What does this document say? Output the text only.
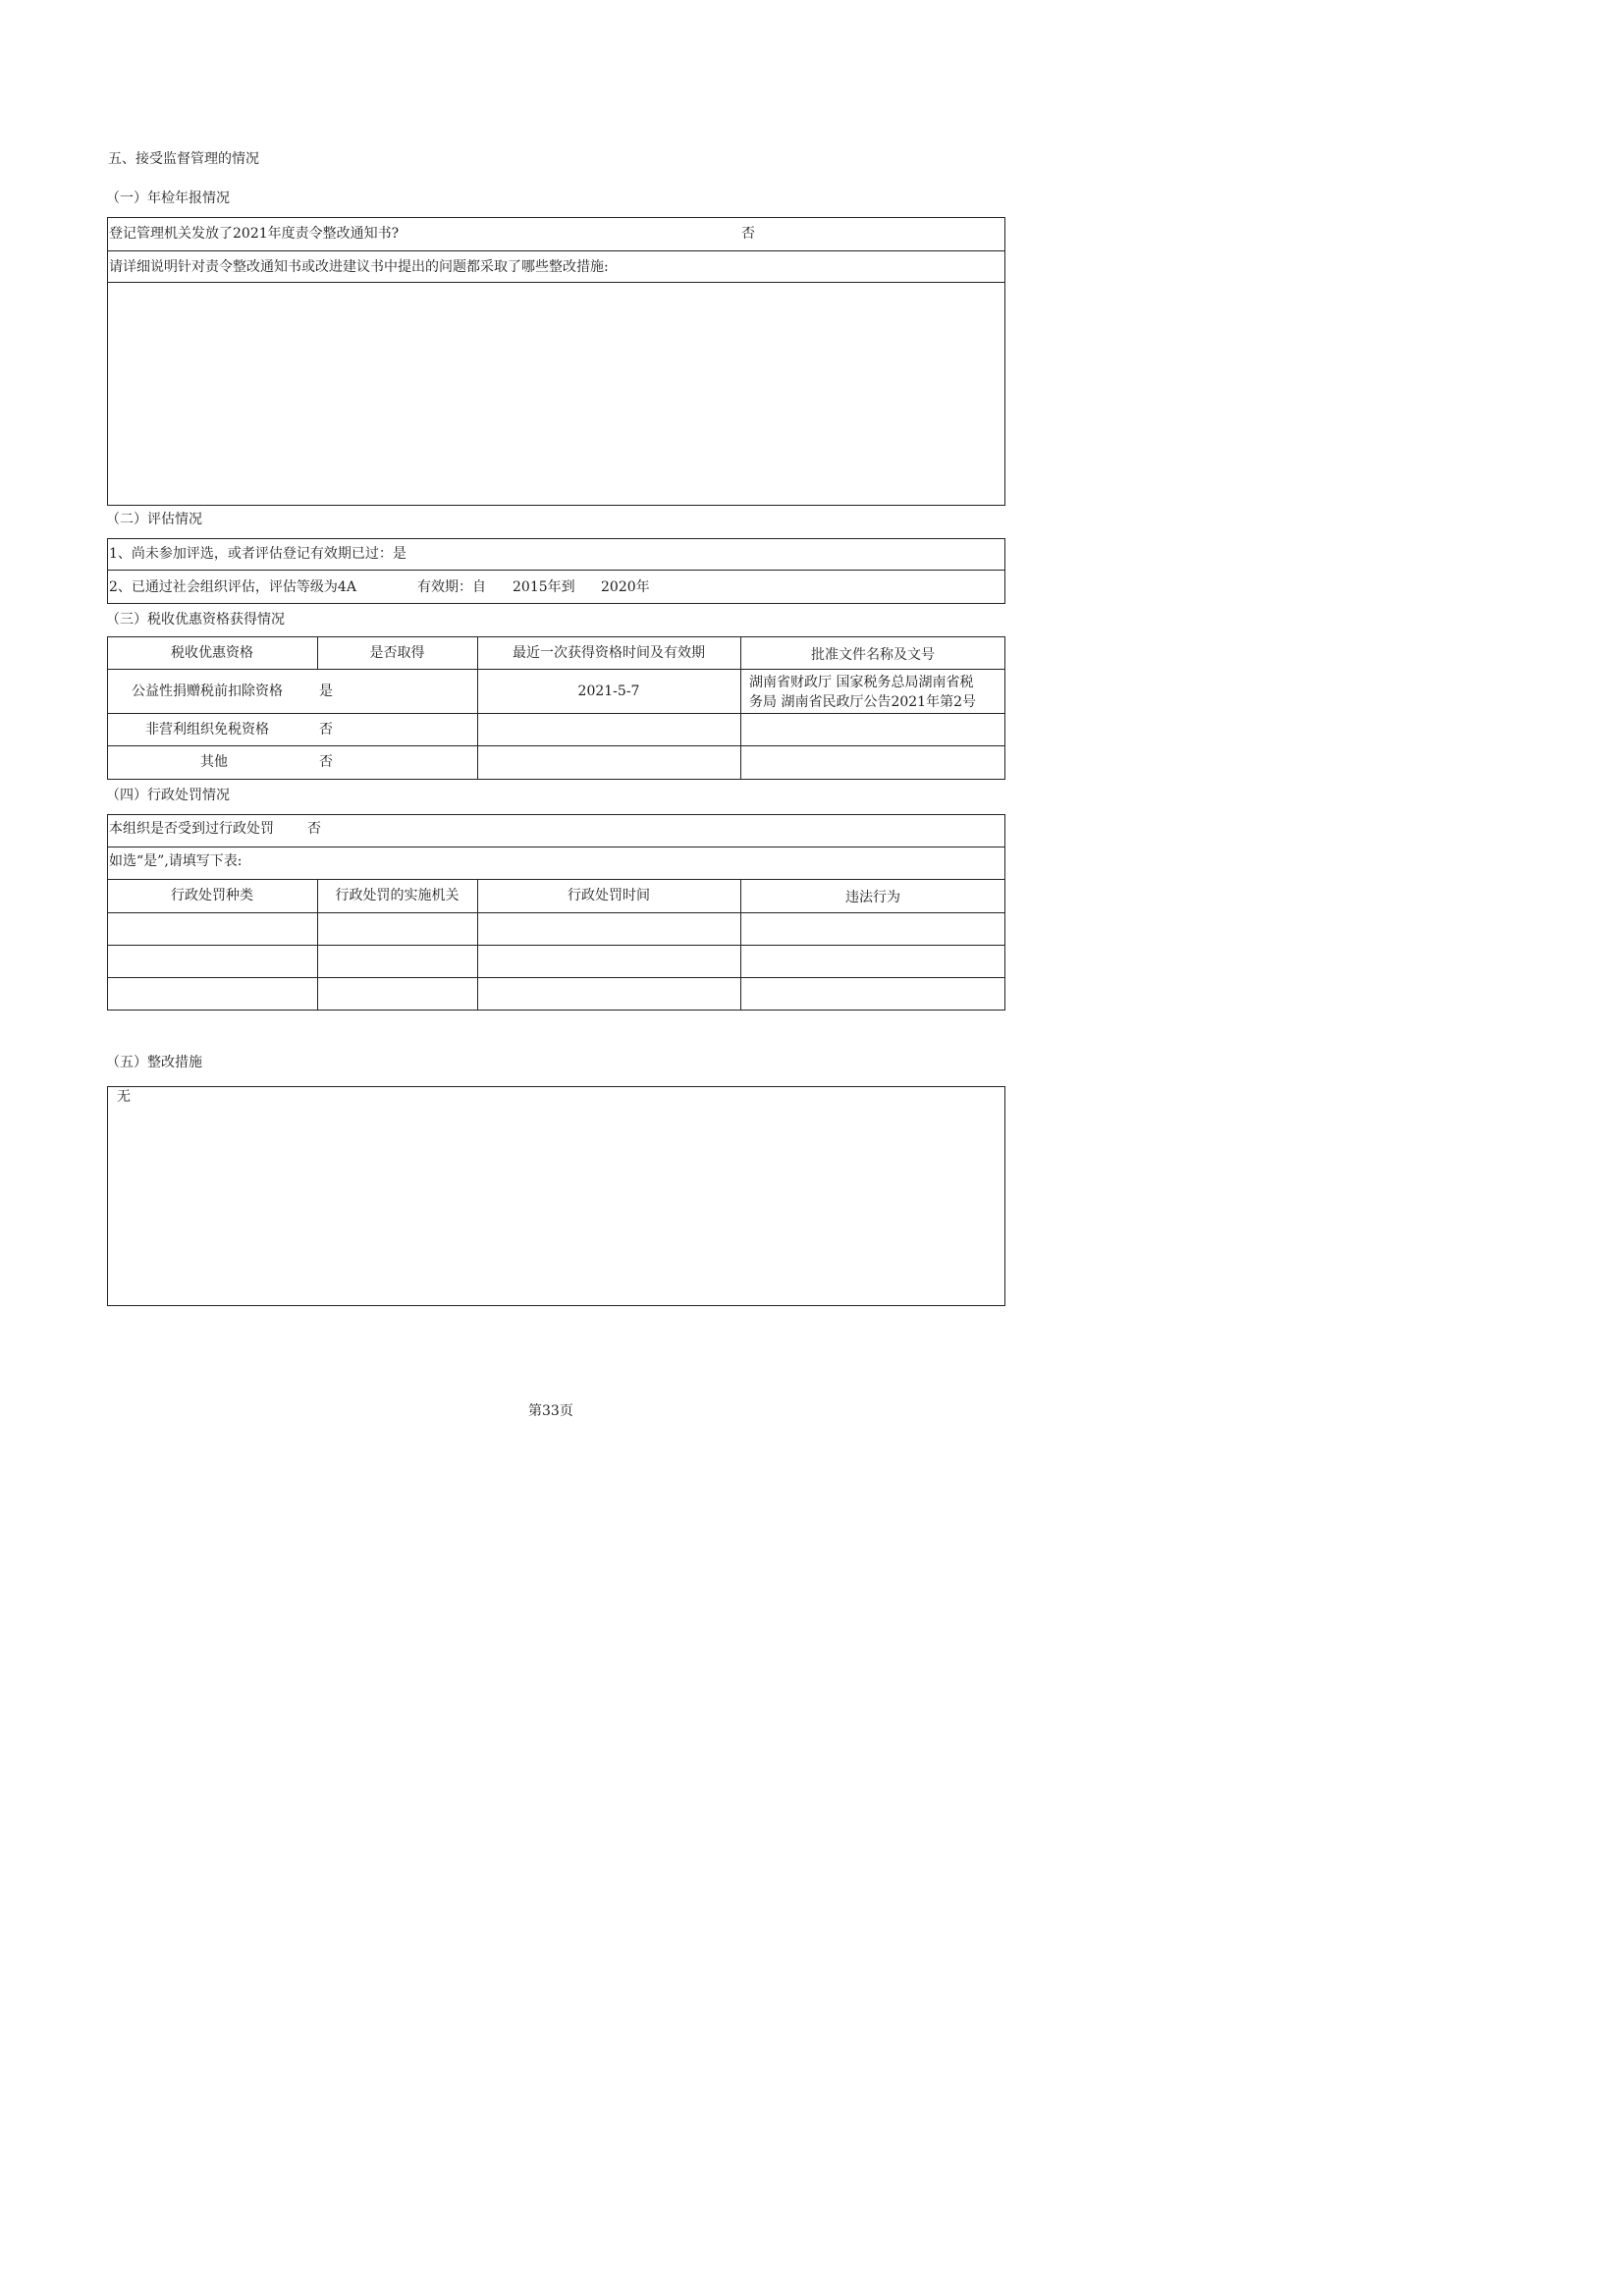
五、接受监督管理的情况
（一）年检年报情况
登记管理机关发放了2021年度责令整改通知书?	否
请详细说明针对责令整改通知书或改进建议书中提出的问题都采取了哪些整改措施:
（二）评估情况
1、尚未参加评选，或者评估登记有效期已过：是
2、已通过社会组织评估，评估等级为4A	有效期：自 2015年到 2020年
（三）税收优惠资格获得情况
税收优惠资格	是否取得	最近一次获得资格时间及有效期	批准文件名称及文号
公益性捐赠税前扣除资格	是	2021-5-7
湖南省财政厅 国家税务总局湖南省税
务局 湖南省民政厅公告2021年第2号
非营利组织免税资格	否
其他	否
（四）行政处罚情况
本组织是否受到过行政处罚 否
如选“是”,请填写下表:
行政处罚种类	行政处罚的实施机关	行政处罚时间	违法行为
（五）整改措施
无
第33页
